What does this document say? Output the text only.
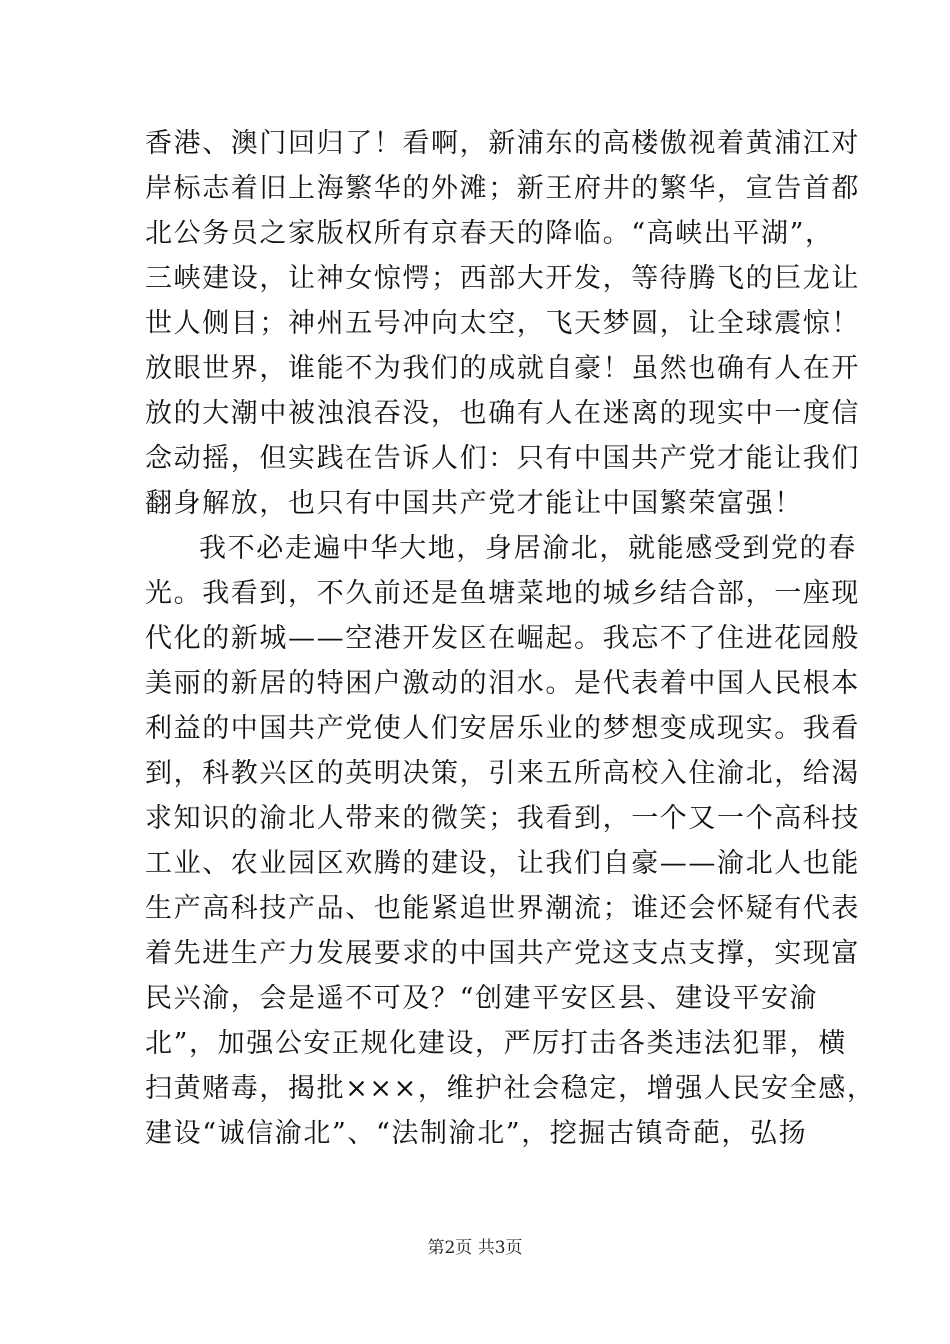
香港、澳门回归了！看啊，新浦东的高楼傲视着黄浦江对
岸标志着旧上海繁华的外滩；新王府井的繁华，宣告首都
北公务员之家版权所有京春天的降临。“高峡出平湖”，
三峡建设，让神女惊愕；西部大开发，等待腾飞的巨龙让
世人侧目；神州五号冲向太空，飞天梦圆，让全球震惊！
放眼世界，谁能不为我们的成就自豪！虽然也确有人在开
放的大潮中被浊浪吞没，也确有人在迷离的现实中一度信
念动摇，但实践在告诉人们：只有中国共产党才能让我们
翻身解放，也只有中国共产党才能让中国繁荣富强！
我不必走遍中华大地，身居渝北，就能感受到党的春
光。我看到，不久前还是鱼塘菜地的城乡结合部，一座现
代化的新城——空港开发区在崛起。我忘不了住进花园般
美丽的新居的特困户激动的泪水。是代表着中国人民根本
利益的中国共产党使人们安居乐业的梦想变成现实。我看
到，科教兴区的英明决策，引来五所高校入住渝北，给渴
求知识的渝北人带来的微笑；我看到，一个又一个高科技
工业、农业园区欢腾的建设，让我们自豪——渝北人也能
生产高科技产品、也能紧追世界潮流；谁还会怀疑有代表
着先进生产力发展要求的中国共产党这支点支撑，实现富
民兴渝，会是遥不可及？“创建平安区县、建设平安渝
北”，加强公安正规化建设，严厉打击各类违法犯罪，横
扫黄赌毒，揭批×××，维护社会稳定，增强人民安全感，
建设“诚信渝北”、“法制渝北”，挖掘古镇奇葩，弘扬
第2页 共3页
